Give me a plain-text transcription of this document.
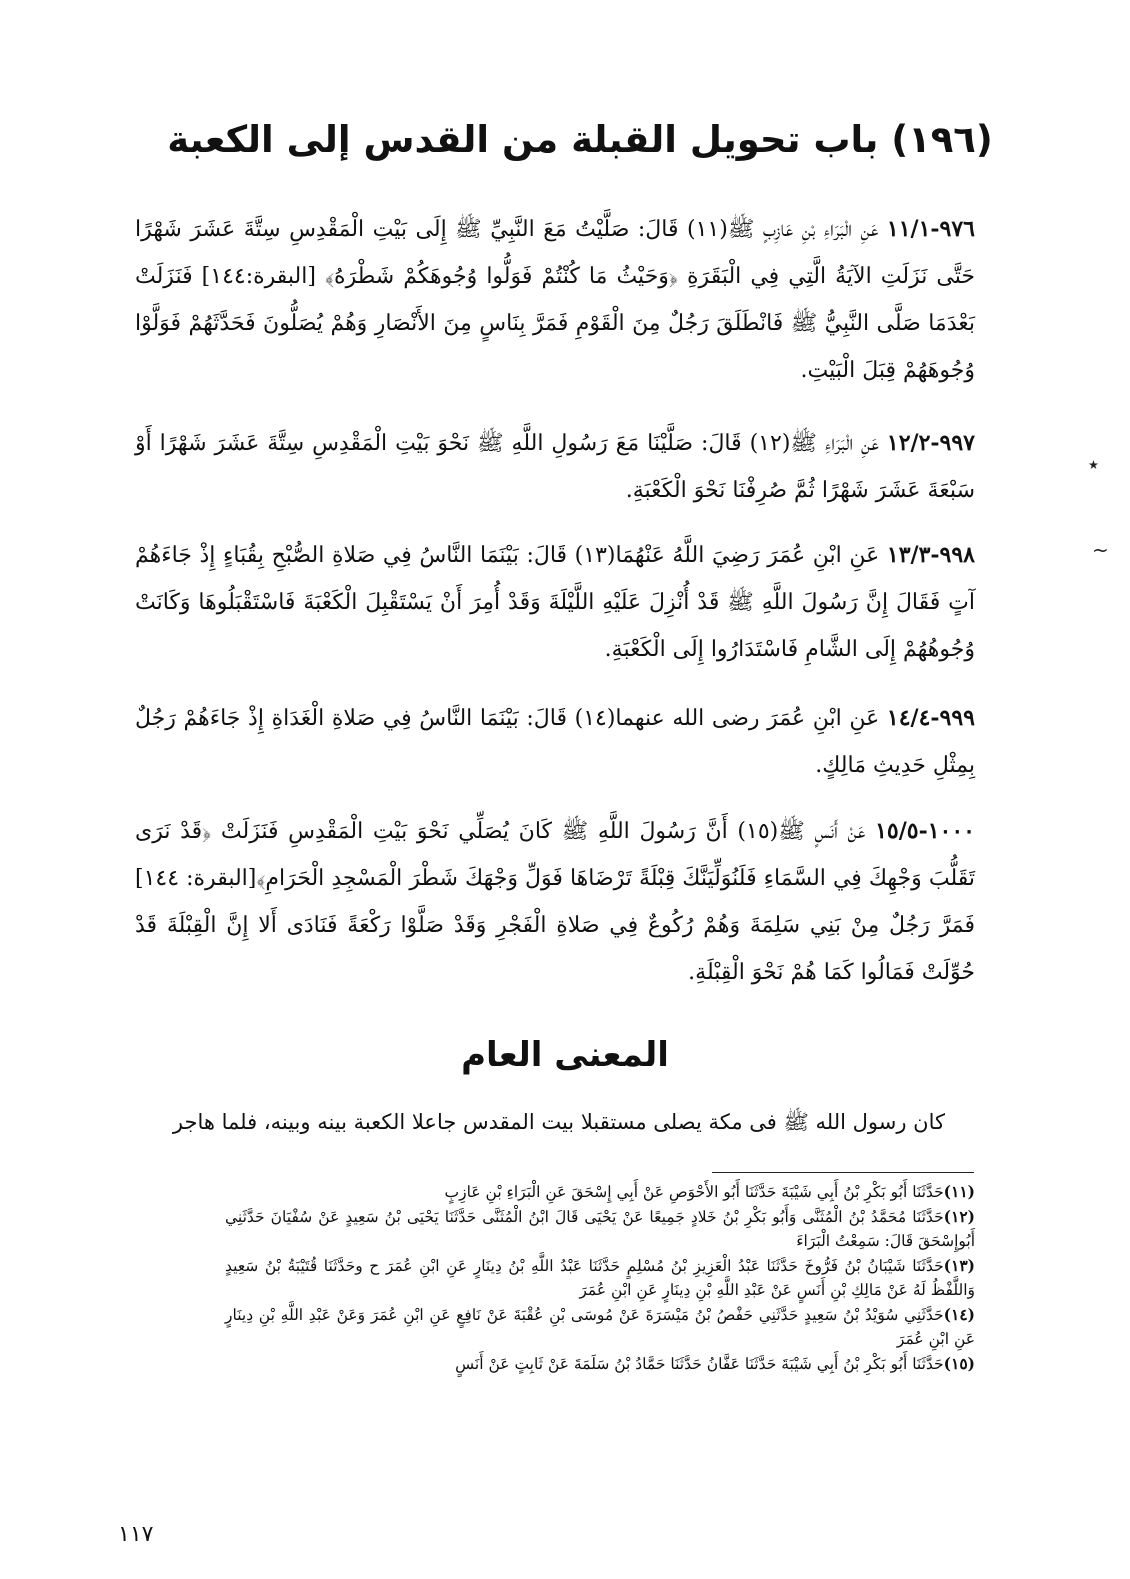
(١٩٦) باب تحويل القبلة من القدس إلى الكعبة
٩٧٦-١١/١ عَنِ الْبَرَاءِ بْنِ عَازِبٍ ﷺ(١١) قَالَ: صَلَّيْتُ مَعَ النَّبِيِّ ﷺ إِلَى بَيْتِ الْمَقْدِسِ سِتَّةَ عَشَرَ شَهْرًا حَتَّى نَزَلَتِ الآيَةُ الَّتِي فِي الْبَقَرَةِ ﴿وَحَيْثُ مَا كُنْتُمْ فَوَلُّوا وُجُوهَكُمْ شَطْرَهُ﴾ [البقرة:١٤٤] فَنَزَلَتْ بَعْدَمَا صَلَّى النَّبِيُّ ﷺ فَانْطَلَقَ رَجُلٌ مِنَ الْقَوْمِ فَمَرَّ بِنَاسٍ مِنَ الأَنْصَارِ وَهُمْ يُصَلُّونَ فَحَدَّثَهُمْ فَوَلَّوْا وُجُوهَهُمْ قِبَلَ الْبَيْتِ.
٭
٩٩٧-١٢/٢ عَنِ الْبَرَاءِ ﷺ(١٢) قَالَ: صَلَّيْنَا مَعَ رَسُولِ اللَّهِ ﷺ نَحْوَ بَيْتِ الْمَقْدِسِ سِتَّةَ عَشَرَ شَهْرًا أَوْ سَبْعَةَ عَشَرَ شَهْرًا ثُمَّ صُرِفْنَا نَحْوَ الْكَعْبَةِ.
~
٩٩٨-١٣/٣ عَنِ ابْنِ عُمَرَ رَضِيَ اللَّهُ عَنْهُمَا(١٣) قَالَ: بَيْنَمَا النَّاسُ فِي صَلاةِ الصُّبْحِ بِقُبَاءٍ إِذْ جَاءَهُمْ آتٍ فَقَالَ إِنَّ رَسُولَ اللَّهِ ﷺ قَدْ أُنْزِلَ عَلَيْهِ اللَّيْلَةَ وَقَدْ أُمِرَ أَنْ يَسْتَقْبِلَ الْكَعْبَةَ فَاسْتَقْبَلُوهَا وَكَانَتْ وُجُوهُهُمْ إِلَى الشَّامِ فَاسْتَدَارُوا إِلَى الْكَعْبَةِ.
٩٩٩-١٤/٤ عَنِ ابْنِ عُمَرَ رضى الله عنهما(١٤) قَالَ: بَيْنَمَا النَّاسُ فِي صَلاةِ الْغَدَاةِ إِذْ جَاءَهُمْ رَجُلٌ بِمِثْلِ حَدِيثِ مَالِكٍ.
١٠٠٠-١٥/٥ عَنْ أَنَسٍ ﷺ(١٥) أَنَّ رَسُولَ اللَّهِ ﷺ كَانَ يُصَلِّي نَحْوَ بَيْتِ الْمَقْدِسِ فَنَزَلَتْ ﴿قَدْ نَرَى تَقَلُّبَ وَجْهِكَ فِي السَّمَاءِ فَلَنُوَلِّيَنَّكَ قِبْلَةً تَرْضَاهَا فَوَلِّ وَجْهَكَ شَطْرَ الْمَسْجِدِ الْحَرَامِ﴾[البقرة: ١٤٤] فَمَرَّ رَجُلٌ مِنْ بَنِي سَلِمَةَ وَهُمْ رُكُوعٌ فِي صَلاةِ الْفَجْرِ وَقَدْ صَلَّوْا رَكْعَةً فَنَادَى أَلا إِنَّ الْقِبْلَةَ قَدْ حُوِّلَتْ فَمَالُوا كَمَا هُمْ نَحْوَ الْقِبْلَةِ.
المعنى العام
كان رسول الله ﷺ فى مكة يصلى مستقبلا بيت المقدس جاعلا الكعبة بينه وبينه، فلما هاجر
(١١)حَدَّثَنَا أَبُو بَكْرِ بْنُ أَبِي شَيْبَةَ حَدَّثَنَا أَبُو الأَحْوَصِ عَنْ أَبِي إِسْحَقَ عَنِ الْبَرَاءِ بْنِ عَازِبٍ
(١٢)حَدَّثَنَا مُحَمَّدُ بْنُ الْمُثَنَّى وَأَبُو بَكْرِ بْنُ خَلادٍ جَمِيعًا عَنْ يَحْيَى قَالَ ابْنُ الْمُثَنَّى حَدَّثَنَا يَحْيَى بْنُ سَعِيدٍ عَنْ سُفْيَانَ حَدَّثَنِي أَبُوإِسْحَقَ قَالَ: سَمِعْتُ الْبَرَاءَ
(١٣)حَدَّثَنَا شَيْبَانُ بْنُ فَرُّوخَ حَدَّثَنَا عَبْدُ الْعَزِيزِ بْنُ مُسْلِمٍ حَدَّثَنَا عَبْدُ اللَّهِ بْنُ دِينَارٍ عَنِ ابْنِ عُمَرَ ح وحَدَّثَنَا قُتَيْبَةُ بْنُ سَعِيدٍ وَاللَّفْظُ لَهُ عَنْ مَالِكِ بْنِ أَنَسٍ عَنْ عَبْدِ اللَّهِ بْنِ دِينَارٍ عَنِ ابْنِ عُمَرَ
(١٤)حَدَّثَنِي سُوَيْدُ بْنُ سَعِيدٍ حَدَّثَنِي حَفْصُ بْنُ مَيْسَرَةَ عَنْ مُوسَى بْنِ عُقْبَةَ عَنْ نَافِعٍ عَنِ ابْنِ عُمَرَ وَعَنْ عَبْدِ اللَّهِ بْنِ دِينَارٍ عَنِ ابْنِ عُمَرَ
(١٥)حَدَّثَنَا أَبُو بَكْرِ بْنُ أَبِي شَيْبَةَ حَدَّثَنَا عَفَّانُ حَدَّثَنَا حَمَّادُ بْنُ سَلَمَةَ عَنْ ثَابِتٍ عَنْ أَنَسٍ
١١٧
